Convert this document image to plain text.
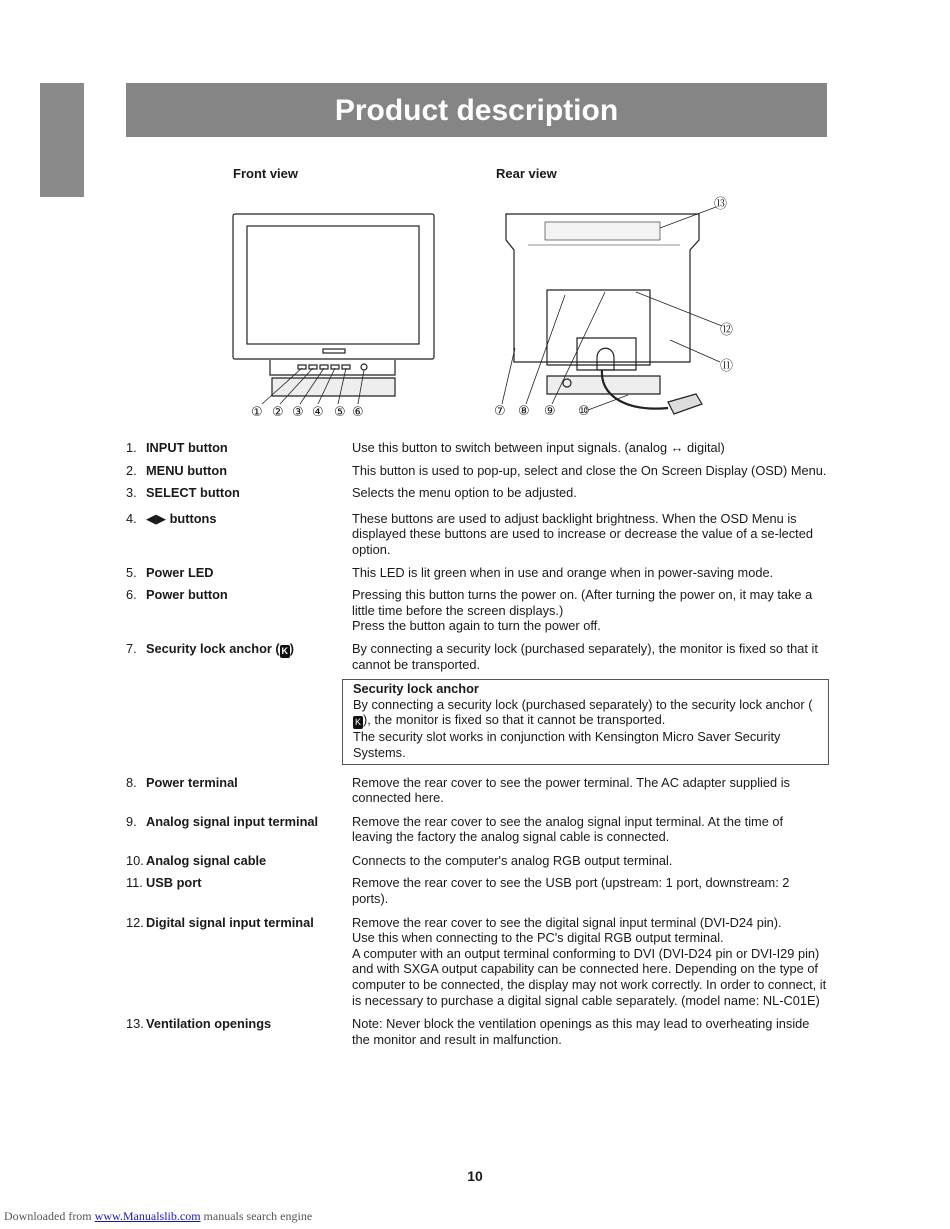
Product description
Front view	Rear view
① ② ③ ④ ⑤ ⑥	⑦ ⑧ ⑨ ⑩
⑪
⑫
⑬
1. INPUT button	Use this button to switch between input signals. (analog ↔ digital)

2. MENU button	This button is used to pop-up, select and close the On Screen Display (OSD) Menu.

3. SELECT button	Selects the menu option to be adjusted.

4. ◀▶ buttons	These buttons are used to adjust backlight brightness. When the OSD Menu is displayed these buttons are used to increase or decrease the value of a se-lected option.

5. Power LED	This LED is lit green when in use and orange when in power-saving mode.

6. Power button	Pressing this button turns the power on. (After turning the power on, it may take a little time before the screen displays.)

Press the button again to turn the power off.

7. Security lock anchor ( K )	By connecting a security lock (purchased separately), the monitor is fixed so that it cannot be transported.

Security lock anchor

By connecting a security lock (purchased separately) to the security lock anchor (K ), the monitor is fixed so that it cannot be transported.

The security slot works in conjunction with Kensington Micro Saver Security Systems.

8. Power terminal	Remove the rear cover to see the power terminal. The AC adapter supplied is connected here.

9. Analog signal input terminal	Remove the rear cover to see the analog signal input terminal. At the time of leaving the factory the analog signal cable is connected.

10. Analog signal cable	Connects to the computer's analog RGB output terminal.

11. USB port	Remove the rear cover to see the USB port (upstream: 1 port, downstream: 2 ports).

12. Digital signal input terminal	Remove the rear cover to see the digital signal input terminal (DVI-D24 pin).

Use this when connecting to the PC's digital RGB output terminal.

A computer with an output terminal conforming to DVI (DVI-D24 pin or DVI-I29 pin) and with SXGA output capability can be connected here. Depending on the type of computer to be connected, the display may not work correctly. In order to connect, it is necessary to purchase a digital signal cable separately. (model name: NL-C01E)

13. Ventilation openings	Note: Never block the ventilation openings as this may lead to overheating inside the monitor and result in malfunction.

10
Downloaded from www.Manualslib.com manuals search engine
